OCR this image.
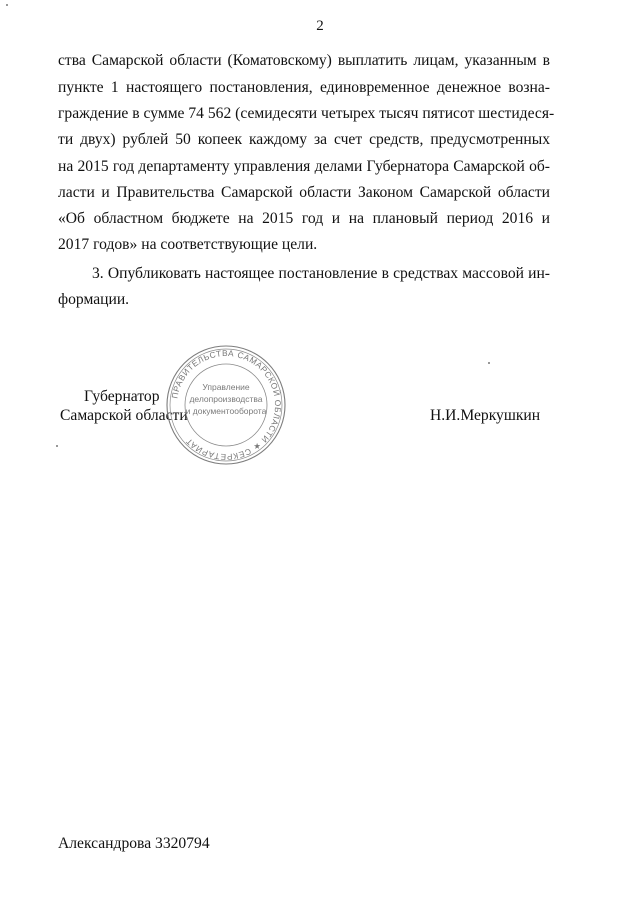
2
ства Самарской области (Коматовскому) выплатить лицам, указанным в
пункте 1 настоящего постановления, единовременное денежное возна-
граждение в сумме 74 562 (семидесяти четырех тысяч пятисот шестидеся-
ти двух) рублей 50 копеек каждому за счет средств, предусмотренных
на 2015 год департаменту управления делами Губернатора Самарской об-
ласти и Правительства Самарской области Законом Самарской области
«Об областном бюджете на 2015 год и на плановый период 2016 и
2017 годов» на соответствующие цели.
3. Опубликовать настоящее постановление в средствах массовой ин-
формации.
Губернатор
Самарской области	Н.И.Меркушкин
ПРАВИТЕЛЬСТВА САМАРСКОЙ ОБЛАСТИ ★ СЕКРЕТАРИАТ
Управление
делопроизводства
и документооборота
Александрова 3320794
